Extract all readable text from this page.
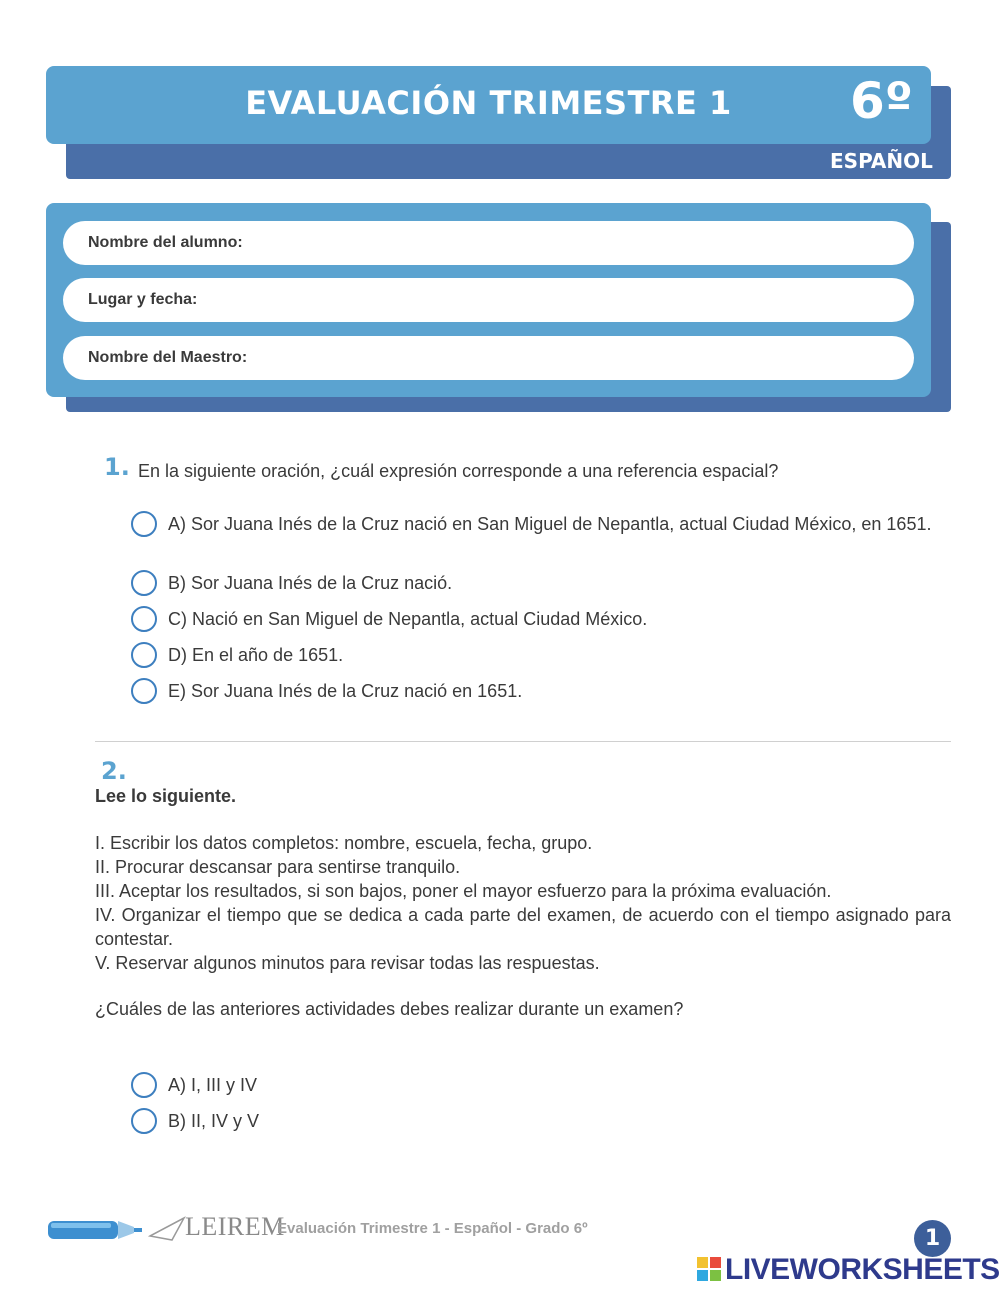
EVALUACIÓN TRIMESTRE 1	6º
ESPAÑOL
Nombre del alumno:
Lugar y fecha:
Nombre del Maestro:
1. En la siguiente oración, ¿cuál expresión corresponde a una referencia espacial?
A) Sor Juana Inés de la Cruz nació en San Miguel de Nepantla, actual Ciudad México, en 1651.
B) Sor Juana Inés de la Cruz nació.
C) Nació en San Miguel de Nepantla, actual Ciudad México.
D) En el año de 1651.
E) Sor Juana Inés de la Cruz nació en 1651.
2.
Lee lo siguiente.
I. Escribir los datos completos: nombre, escuela, fecha, grupo.
II. Procurar descansar para sentirse tranquilo.
III. Aceptar los resultados, si son bajos, poner el mayor esfuerzo para la próxima evaluación.
IV. Organizar el tiempo que se dedica a cada parte del examen, de acuerdo con el tiempo asignado para contestar.
V. Reservar algunos minutos para revisar todas las respuestas.
¿Cuáles de las anteriores actividades debes realizar durante un examen?
A) I, III y IV
B) II, IV y V
LEIREM
Evaluación Trimestre 1 - Español - Grado 6º	1
LIVEWORKSHEETS
